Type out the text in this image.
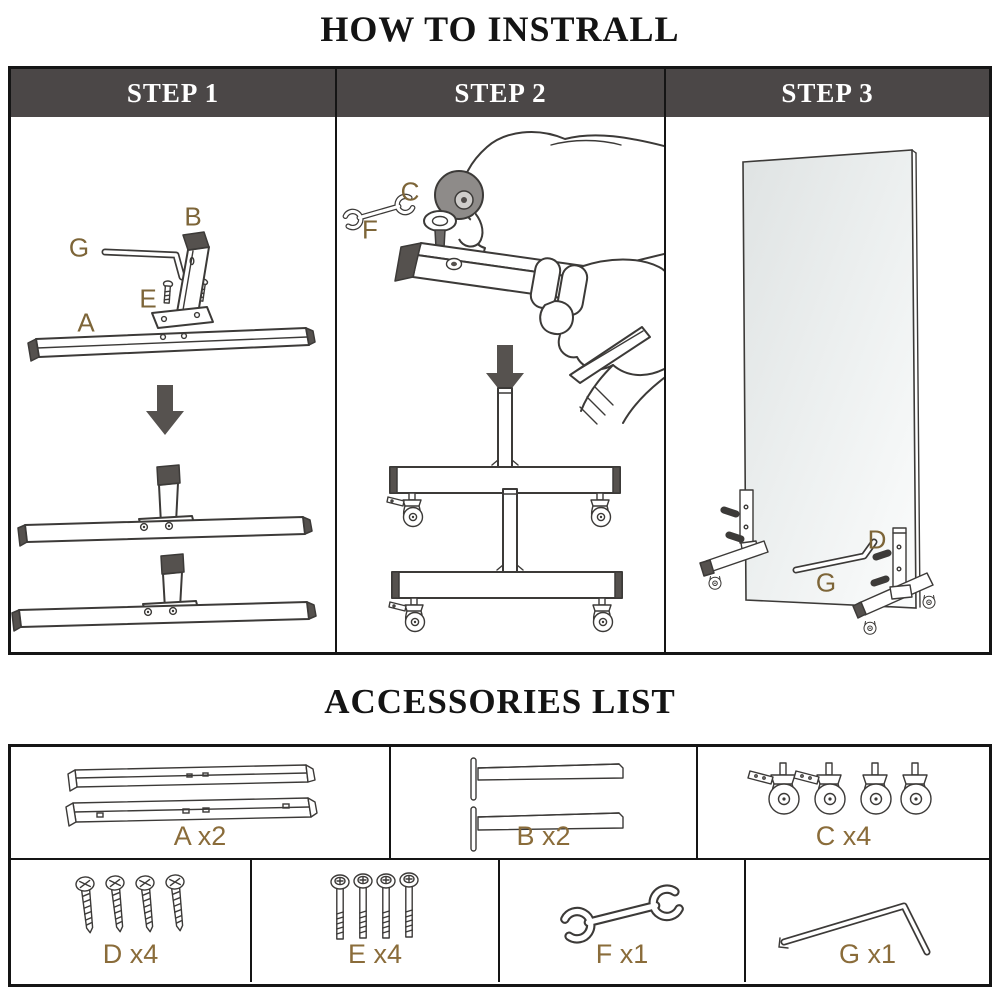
HOW TO INSTRALL
STEP 1
G
B
E
A
STEP 2
C
F
STEP 3
D
G
ACCESSORIES LIST
A x2	B x2	C x4
D x4	E x4	F x1	G x1
